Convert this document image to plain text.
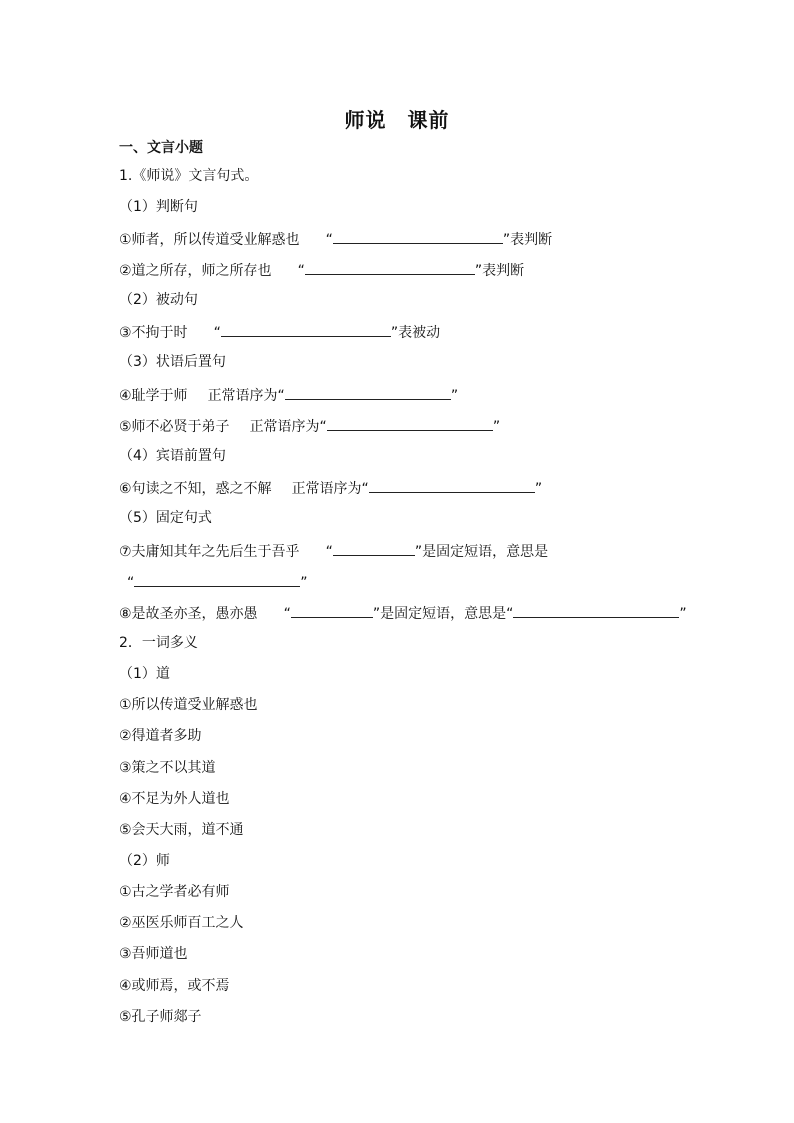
师说　课前
一、文言小题
1.《师说》文言句式。
（1）判断句
①师者，所以传道受业解惑也 “	”表判断
②道之所存，师之所存也 “	”表判断
（2）被动句
③不拘于时 “	”表被动
（3）状语后置句
④耻学于师 正常语序为“	”
⑤师不必贤于弟子 正常语序为“	”
（4）宾语前置句
⑥句读之不知，惑之不解 正常语序为“	”
（5）固定句式
⑦夫庸知其年之先后生于吾乎 “	”是固定短语，意思是
“	”
⑧是故圣亦圣，愚亦愚 “	”是固定短语，意思是“	”
2．一词多义
（1）道
①所以传道受业解惑也
②得道者多助
③策之不以其道
④不足为外人道也
⑤会天大雨，道不通
（2）师
①古之学者必有师
②巫医乐师百工之人
③吾师道也
④或师焉，或不焉
⑤孔子师郯子
